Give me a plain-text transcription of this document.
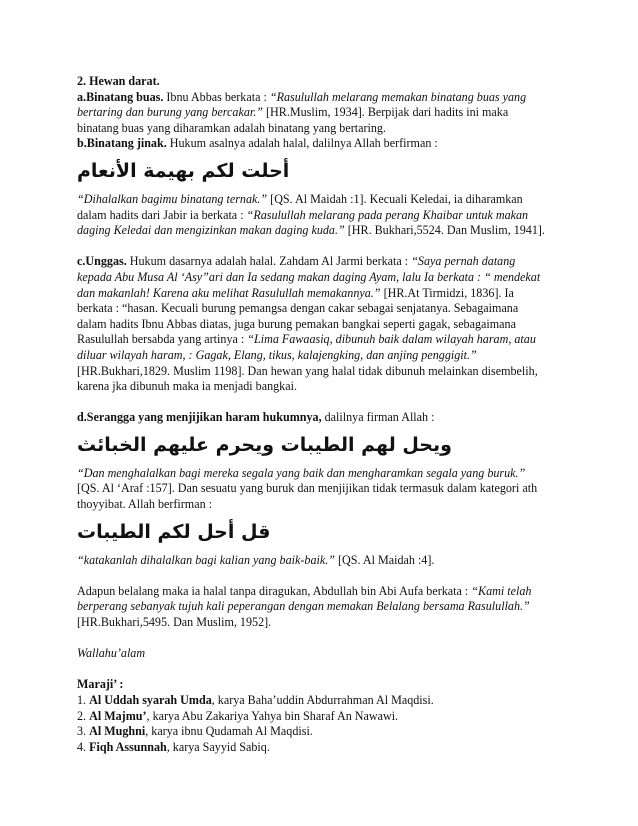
2. Hewan darat.
a.Binatang buas. Ibnu Abbas berkata : “Rasulullah melarang memakan binatang buas yang
bertaring dan burung yang bercakar.” [HR.Muslim, 1934]. Berpijak dari hadits ini maka
binatang buas yang diharamkan adalah binatang yang bertaring.
b.Binatang jinak. Hukum asalnya adalah halal, dalilnya Allah berfirman :
أحلت لكم بهيمة الأنعام
“Dihalalkan bagimu binatang ternak.” [QS. Al Maidah :1]. Kecuali Keledai, ia diharamkan
dalam hadits dari Jabir ia berkata : “Rasulullah melarang pada perang Khaibar untuk makan
daging Keledai dan mengizinkan makan daging kuda.” [HR. Bukhari,5524. Dan Muslim, 1941].
c.Unggas. Hukum dasarnya adalah halal. Zahdam Al Jarmi berkata : “Saya pernah datang
kepada Abu Musa Al ‘Asy”ari dan Ia sedang makan daging Ayam, lalu Ia berkata : “ mendekat
dan makanlah! Karena aku melihat Rasulullah memakannya.” [HR.At Tirmidzi, 1836]. Ia
berkata : “hasan. Kecuali burung pemangsa dengan cakar sebagai senjatanya. Sebagaimana
dalam hadits Ibnu Abbas diatas, juga burung pemakan bangkai seperti gagak, sebagaimana
Rasulullah bersabda yang artinya : “Lima Fawaasiq, dibunuh baik dalam wilayah haram, atau
diluar wilayah haram, : Gagak, Elang, tikus, kalajengking, dan anjing penggigit.”
[HR.Bukhari,1829. Muslim 1198]. Dan hewan yang halal tidak dibunuh melainkan disembelih,
karena jka dibunuh maka ia menjadi bangkai.
d.Serangga yang menjijikan haram hukumnya, dalilnya firman Allah :
ويحل لهم الطيبات ويحرم عليهم الخبائث
“Dan menghalalkan bagi mereka segala yang baik dan mengharamkan segala yang buruk.”
[QS. Al ‘Araf :157]. Dan sesuatu yang buruk dan menjijikan tidak termasuk dalam kategori ath
thoyyibat. Allah berfirman :
قل أحل لكم الطيبات
“katakanlah dihalalkan bagi kalian yang baik-baik.” [QS. Al Maidah :4].
Adapun belalang maka ia halal tanpa diragukan, Abdullah bin Abi Aufa berkata : “Kami telah
berperang sebanyak tujuh kali peperangan dengan memakan Belalang bersama Rasulullah.”
[HR.Bukhari,5495. Dan Muslim, 1952].
Wallahu’alam
Maraji’ :
1. Al Uddah syarah Umda, karya Baha’uddin Abdurrahman Al Maqdisi.
2. Al Majmu’, karya Abu Zakariya Yahya bin Sharaf An Nawawi.
3. Al Mughni, karya ibnu Qudamah Al Maqdisi.
4. Fiqh Assunnah, karya Sayyid Sabiq.
